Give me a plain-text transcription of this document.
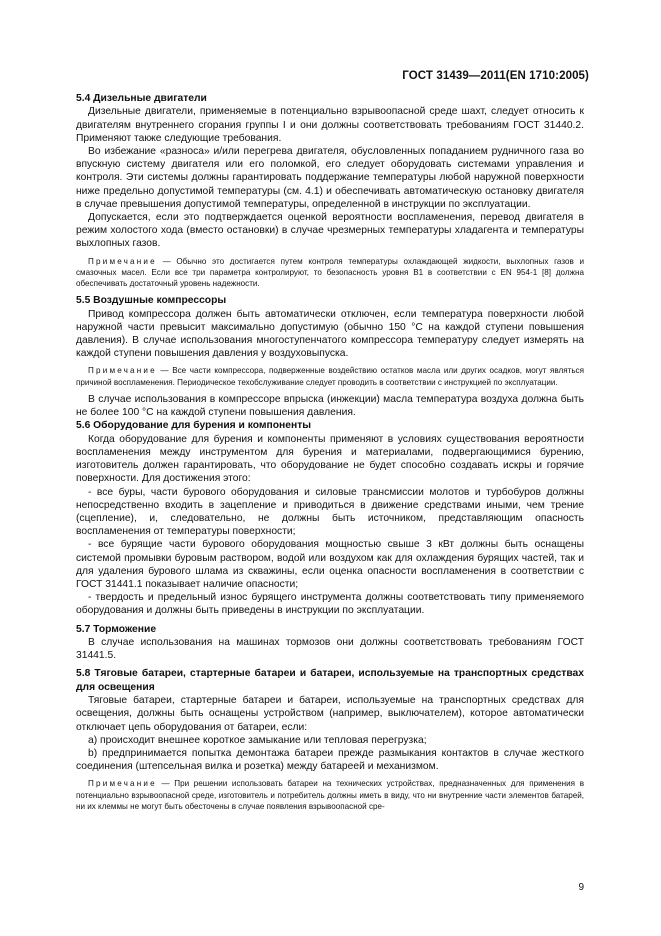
ГОСТ 31439—2011(EN 1710:2005)
5.4 Дизельные двигатели

Дизельные двигатели, применяемые в потенциально взрывоопасной среде шахт, следует относить к двигателям внутреннего сгорания группы I и они должны соответствовать требованиям ГОСТ 31440.2. Применяют также следующие требования.

Во избежание «разноса» и/или перегрева двигателя, обусловленных попаданием рудничного газа во впускную систему двигателя или его поломкой, его следует оборудовать системами управления и контроля. Эти системы должны гарантировать поддержание температуры любой наружной поверхности ниже предельно допустимой температуры (см. 4.1) и обеспечивать автоматическую остановку двигателя в случае превышения допустимой температуры, определенной в инструкции по эксплуатации.

Допускается, если это подтверждается оценкой вероятности воспламенения, перевод двигателя в режим холостого хода (вместо остановки) в случае чрезмерных температуры хладагента и температуры выхлопных газов.

Примечание — Обычно это достигается путем контроля температуры охлаждающей жидкости, выхлопных газов и смазочных масел. Если все три параметра контролируют, то безопасность уровня В1 в соответствии с EN 954-1 [8] должна обеспечивать достаточный уровень надежности.
5.5 Воздушные компрессоры

Привод компрессора должен быть автоматически отключен, если температура поверхности любой наружной части превысит максимально допустимую (обычно 150 °C на каждой ступени повышения давления). В случае использования многоступенчатого компрессора температуру следует измерять на каждой ступени повышения давления у воздуховыпуска.

Примечание — Все части компрессора, подверженные воздействию остатков масла или других осадков, могут являться причиной воспламенения. Периодическое техобслуживание следует проводить в соответствии с инструкцией по эксплуатации.

В случае использования в компрессоре впрыска (инжекции) масла температура воздуха должна быть не более 100 °C на каждой ступени повышения давления.

5.6 Оборудование для бурения и компоненты

Когда оборудование для бурения и компоненты применяют в условиях существования вероятности воспламенения между инструментом для бурения и материалами, подвергающимися бурению, изготовитель должен гарантировать, что оборудование не будет способно создавать искры и горячие поверхности. Для достижения этого:

- все буры, части бурового оборудования и силовые трансмиссии молотов и турбобуров должны непосредственно входить в зацепление и приводиться в движение средствами иными, чем трение (сцепление), и, следовательно, не должны быть источником, представляющим опасность воспламенения от температуры поверхности;

- все бурящие части бурового оборудования мощностью свыше 3 кВт должны быть оснащены системой промывки буровым раствором, водой или воздухом как для охлаждения бурящих частей, так и для удаления бурового шлама из скважины, если оценка опасности воспламенения в соответствии с ГОСТ 31441.1 показывает наличие опасности;

- твердость и предельный износ бурящего инструмента должны соответствовать типу применяемого оборудования и должны быть приведены в инструкции по эксплуатации.

5.7 Торможение

В случае использования на машинах тормозов они должны соответствовать требованиям ГОСТ 31441.5.

5.8 Тяговые батареи, стартерные батареи и батареи, используемые на транспортных средствах для освещения

Тяговые батареи, стартерные батареи и батареи, используемые на транспортных средствах для освещения, должны быть оснащены устройством (например, выключателем), которое автоматически отключает цепь оборудования от батареи, если:

a) происходит внешнее короткое замыкание или тепловая перегрузка;

b) предпринимается попытка демонтажа батареи прежде размыкания контактов в случае жесткого соединения (штепсельная вилка и розетка) между батареей и механизмом.

Примечание — При решении использовать батареи на технических устройствах, предназначенных для применения в потенциально взрывоопасной среде, изготовитель и потребитель должны иметь в виду, что ни внутренние части элементов батарей, ни их клеммы не могут быть обесточены в случае появления взрывоопасной сре-
9
